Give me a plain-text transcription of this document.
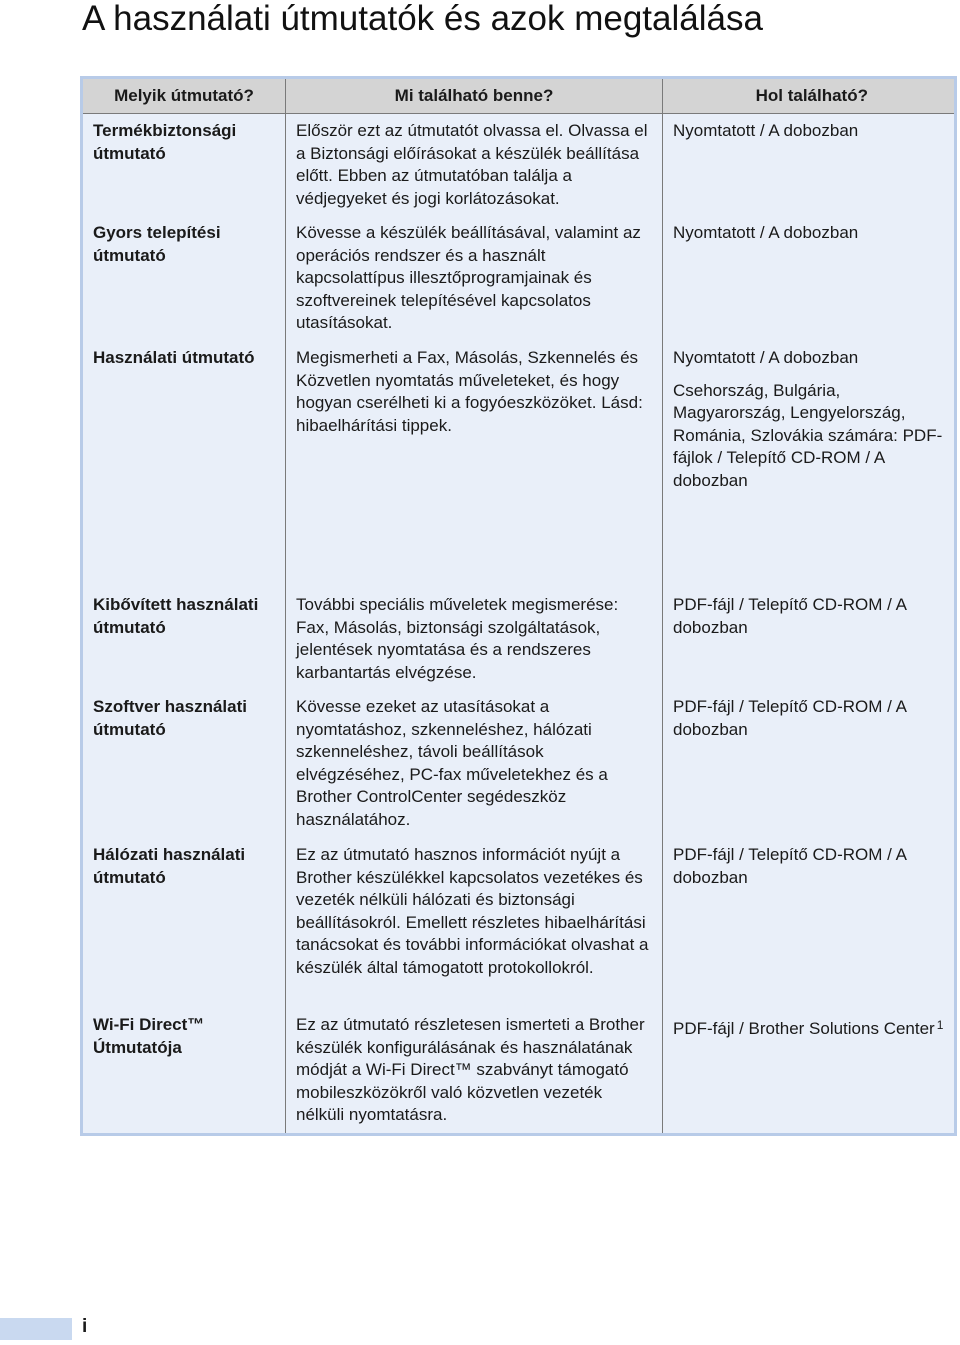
A használati útmutatók és azok megtalálása
Melyik útmutató?	Mi található benne?	Hol található?
Termékbiztonsági útmutató	Először ezt az útmutatót olvassa el. Olvassa el a Biztonsági előírásokat a készülék beállítása előtt. Ebben az útmutatóban találja a védjegyeket és jogi korlátozásokat.	Nyomtatott / A dobozban

Gyors telepítési útmutató	Kövesse a készülék beállításával, valamint az operációs rendszer és a használt kapcsolattípus illesztőprogramjainak és szoftvereinek telepítésével kapcsolatos utasításokat.	Nyomtatott / A dobozban

Használati útmutató	Megismerheti a Fax, Másolás, Szkennelés és Közvetlen nyomtatás műveleteket, és hogy hogyan cserélheti ki a fogyóeszközöket. Lásd: hibaelhárítási tippek.	Nyomtatott / A dobozban
Csehország, Bulgária, Magyarország, Lengyelország, Románia, Szlovákia számára: PDF-fájlok / Telepítő CD-ROM / A dobozban

Kibővített használati útmutató	További speciális műveletek megismerése: Fax, Másolás, biztonsági szolgáltatások, jelentések nyomtatása és a rendszeres karbantartás elvégzése.	PDF-fájl / Telepítő CD-ROM / A dobozban

Szoftver használati útmutató	Kövesse ezeket az utasításokat a nyomtatáshoz, szkenneléshez, hálózati szkenneléshez, távoli beállítások elvégzéséhez, PC-fax műveletekhez és a Brother ControlCenter segédeszköz használatához.	PDF-fájl / Telepítő CD-ROM / A dobozban

Hálózati használati útmutató	Ez az útmutató hasznos információt nyújt a Brother készülékkel kapcsolatos vezetékes és vezeték nélküli hálózati és biztonsági beállításokról. Emellett részletes hibaelhárítási tanácsokat és további információkat olvashat a készülék által támogatott protokollokról.	PDF-fájl / Telepítő CD-ROM / A dobozban

Wi-Fi Direct™ Útmutatója	Ez az útmutató részletesen ismerteti a Brother készülék konfigurálásának és használatának módját a Wi-Fi Direct™ szabványt támogató mobileszközökről való közvetlen vezeték nélküli nyomtatásra.	PDF-fájl / Brother Solutions Center $^1$
i
